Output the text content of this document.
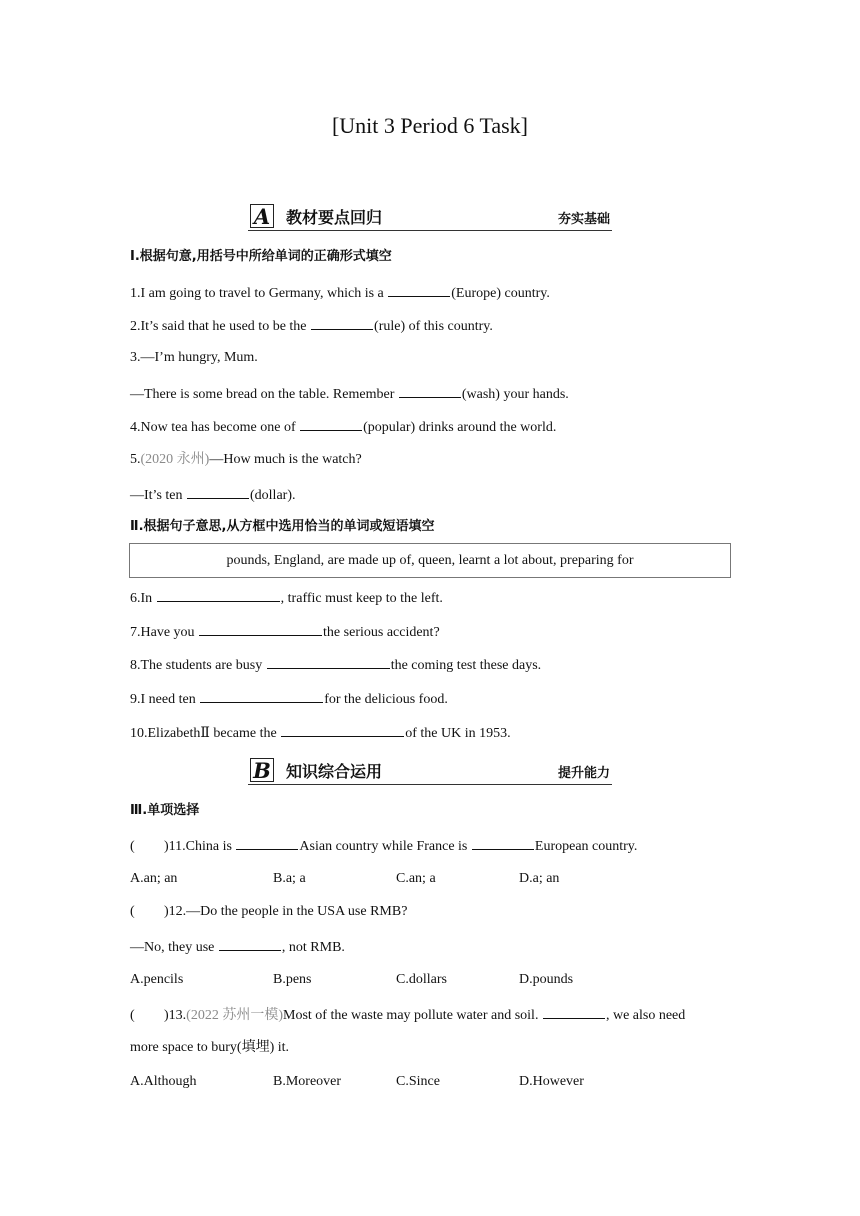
[Unit 3 Period 6 Task]
A 教材要点回归	夯实基础
Ⅰ.根据句意,用括号中所给单词的正确形式填空
1.I am going to travel to Germany, which is a	(Europe) country.
2.It’s said that he used to be the	(rule) of this country.
3.—I’m hungry, Mum.
—There is some bread on the table. Remember	(wash) your hands.
4.Now tea has become one of	(popular) drinks around the world.
5.(2020 永州)—How much is the watch?
—It’s ten	(dollar).
Ⅱ.根据句子意思,从方框中选用恰当的单词或短语填空
pounds, England, are made up of, queen, learnt a lot about, preparing for
6.In	, traffic must keep to the left.
7.Have you	the serious accident?
8.The students are busy	the coming test these days.
9.I need ten	for the delicious food.
10.ElizabethⅡ became the	of the UK in 1953.
B 知识综合运用	提升能力
Ⅲ.单项选择
( )11.China is	Asian country while France is	European country.
A.an; an	B.a; a	C.an; a	D.a; an
( )12.—Do the people in the USA use RMB?
—No, they use	, not RMB.
A.pencils	B.pens	C.dollars	D.pounds
( )13.(2022 苏州一模)Most of the waste may pollute water and soil.	, we also need
more space to bury(填埋) it.
A.Although	B.Moreover	C.Since	D.However
